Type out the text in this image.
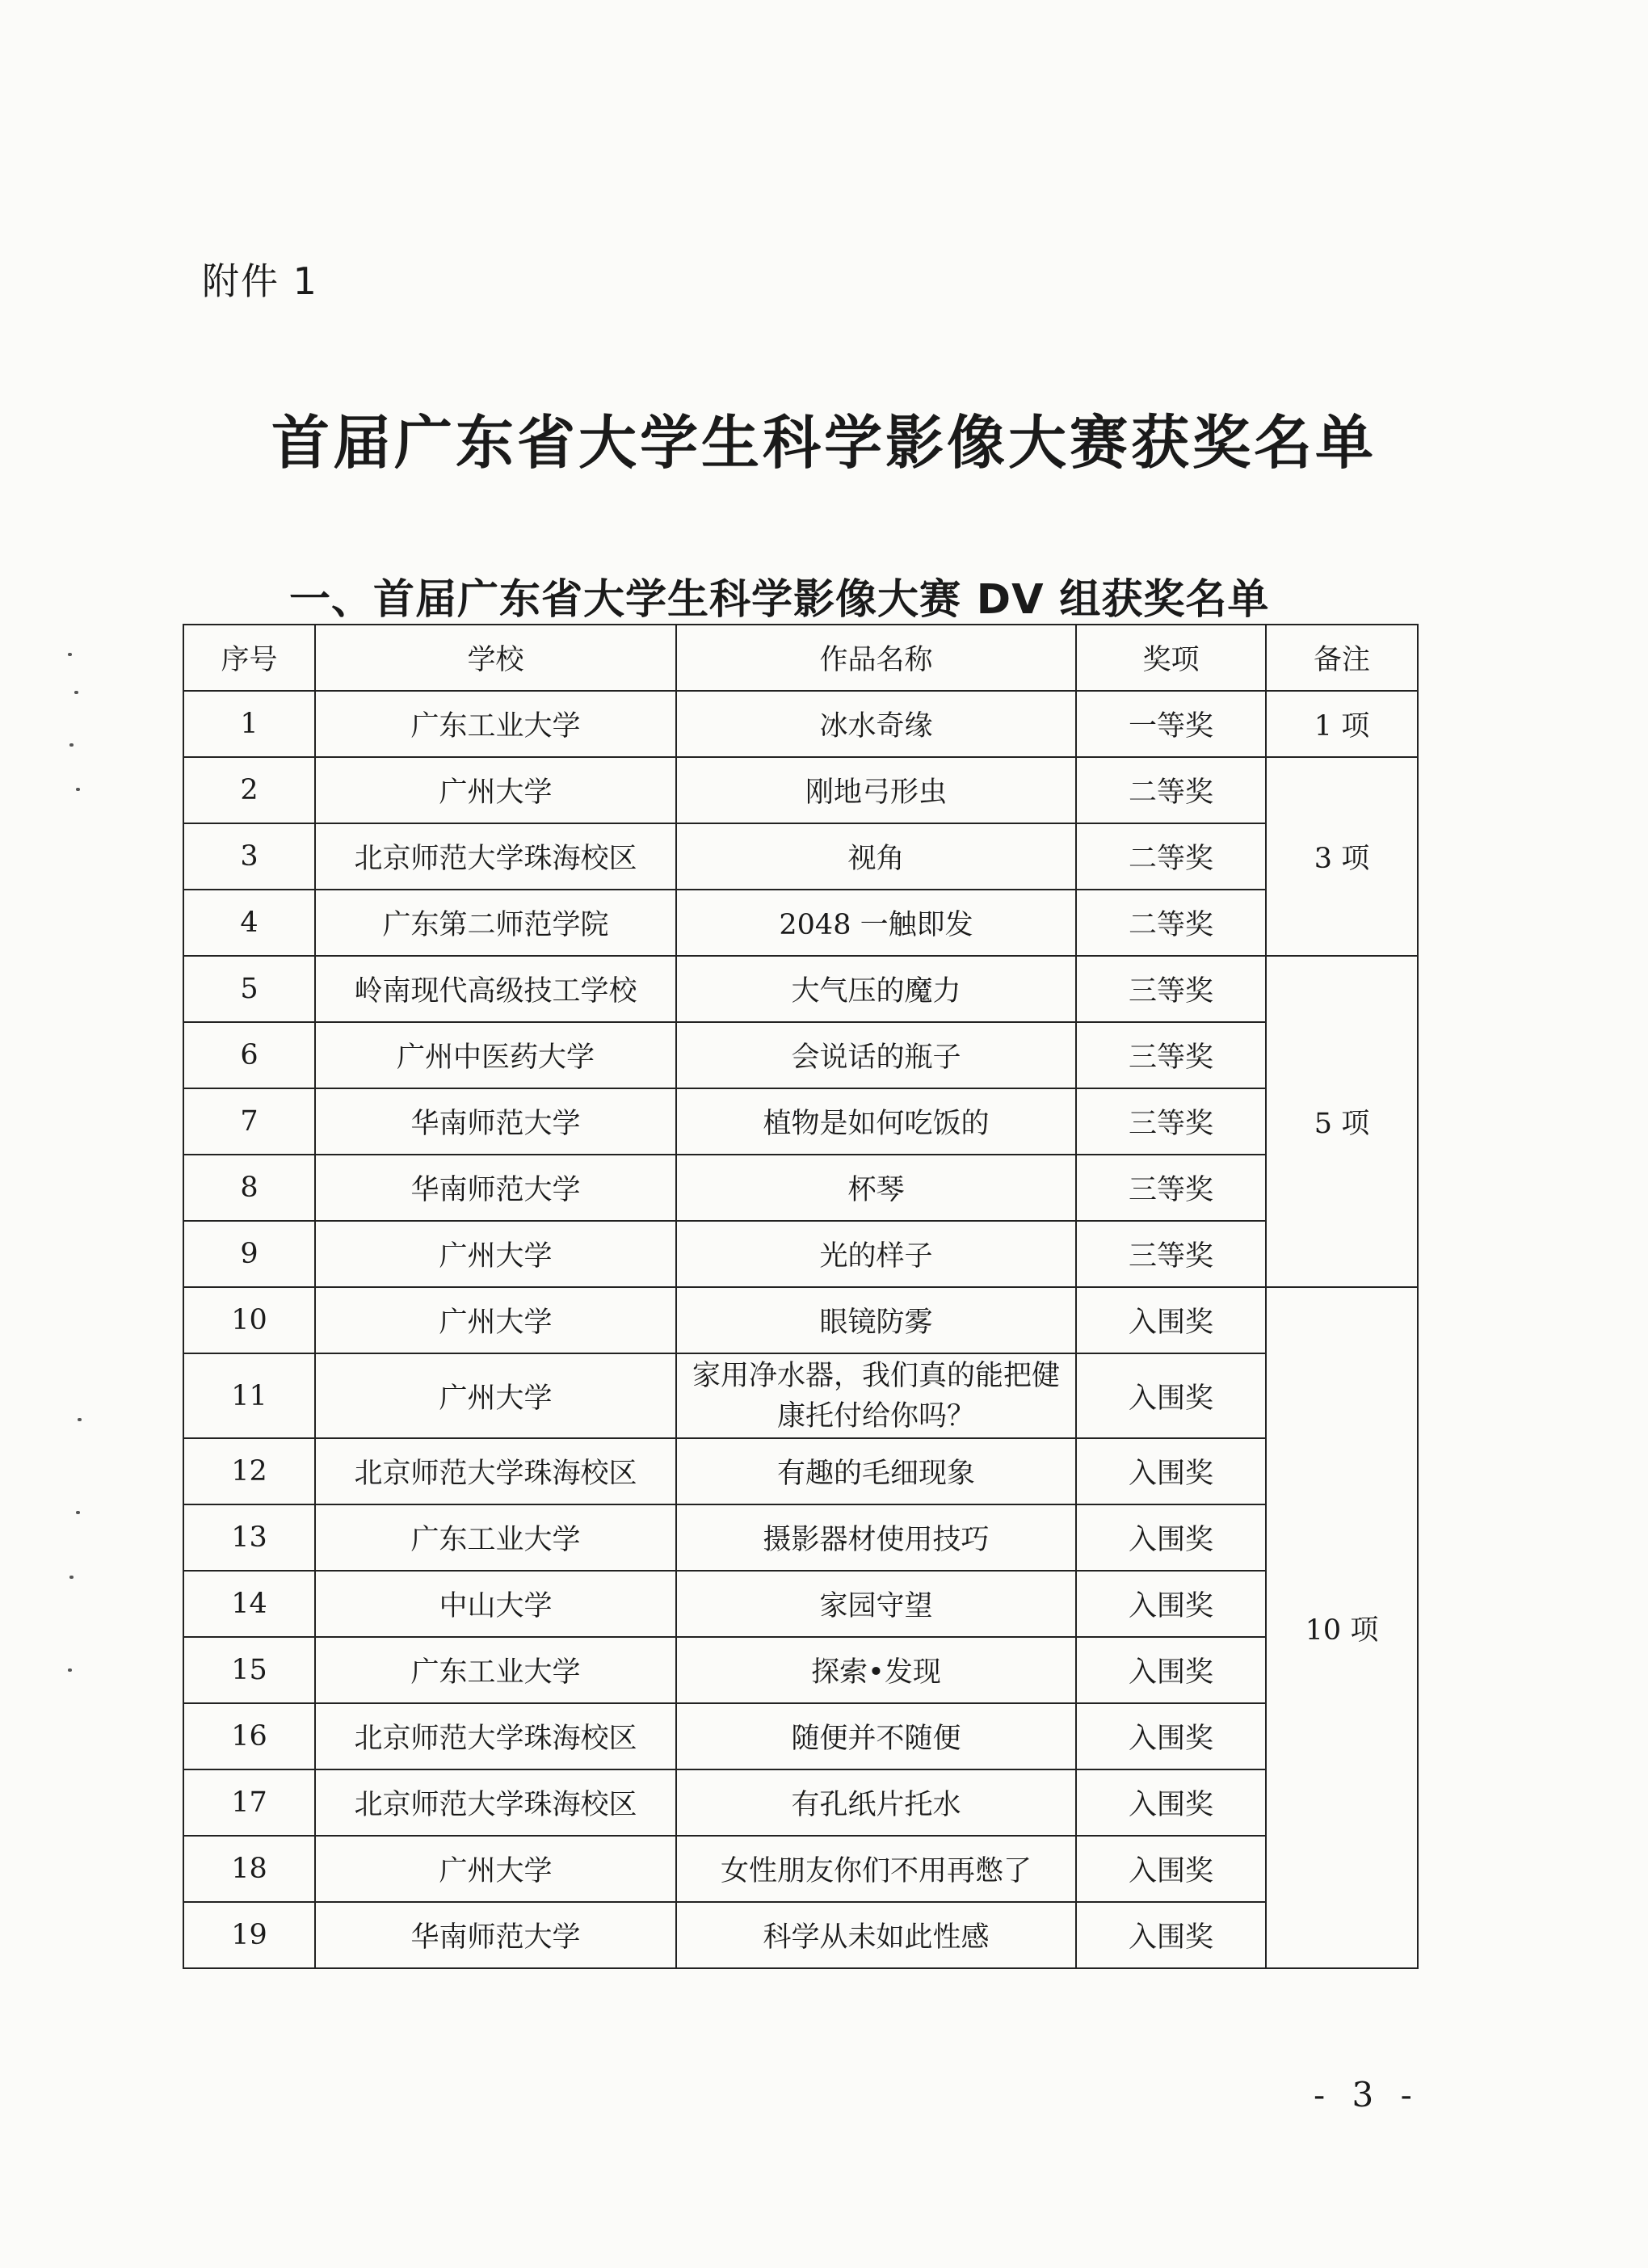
附件 1
首届广东省大学生科学影像大赛获奖名单
一、首届广东省大学生科学影像大赛 DV 组获奖名单
序号	学校	作品名称	奖项	备注
1	广东工业大学	冰水奇缘	一等奖	1 项
2	广州大学	刚地弓形虫	二等奖	3 项
3	北京师范大学珠海校区	视角	二等奖	
4	广东第二师范学院	2048 一触即发	二等奖	
5	岭南现代高级技工学校	大气压的魔力	三等奖	5 项
6	广州中医药大学	会说话的瓶子	三等奖	
7	华南师范大学	植物是如何吃饭的	三等奖	
8	华南师范大学	杯琴	三等奖	
9	广州大学	光的样子	三等奖	
10	广州大学	眼镜防雾	入围奖	10 项
11	广州大学	家用净水器，我们真的能把健康托付给你吗？	入围奖	
12	北京师范大学珠海校区	有趣的毛细现象	入围奖	
13	广东工业大学	摄影器材使用技巧	入围奖	
14	中山大学	家园守望	入围奖	
15	广东工业大学	探索•发现	入围奖	
16	北京师范大学珠海校区	随便并不随便	入围奖	
17	北京师范大学珠海校区	有孔纸片托水	入围奖	
18	广州大学	女性朋友你们不用再憋了	入围奖	
19	华南师范大学	科学从未如此性感	入围奖	
- 3 -
